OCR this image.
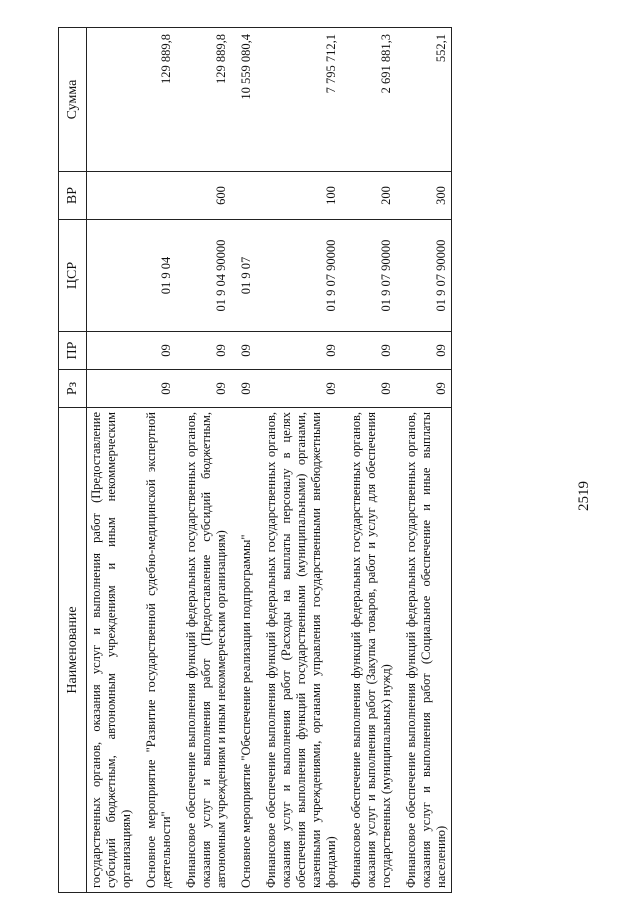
2519
Наименование	Рз	ПР	ЦСР	ВР	Сумма
государственных органов, оказания услуг и выполнения работ (Предоставление субсидий бюджетным, автономным учреждениям и иным некоммерческим организациям)					
Основное мероприятие "Развитие государственной судебно-медицинской экспертной деятельности"	09	09	01 9 04		129 889,8
Финансовое обеспечение выполнения функций федеральных государственных органов, оказания услуг и выполнения работ (Предоставление субсидий бюджетным, автономным учреждениям и иным некоммерческим организациям)	09	09	01 9 04 90000	600	129 889,8
Основное мероприятие "Обеспечение реализации подпрограммы"	09	09	01 9 07		10 559 080,4
Финансовое обеспечение выполнения функций федеральных государственных органов, оказания услуг и выполнения работ (Расходы на выплаты персоналу в целях обеспечения выполнения функций государственными (муниципальными) органами, казенными учреждениями, органами управления государственными внебюджетными фондами)	09	09	01 9 07 90000	100	7 795 712,1
Финансовое обеспечение выполнения функций федеральных государственных органов, оказания услуг и выполнения работ (Закупка товаров, работ и услуг для обеспечения государственных (муниципальных) нужд)	09	09	01 9 07 90000	200	2 691 881,3
Финансовое обеспечение выполнения функций федеральных государственных органов, оказания услуг и выполнения работ (Социальное обеспечение и иные выплаты населению)	09	09	01 9 07 90000	300	552,1
